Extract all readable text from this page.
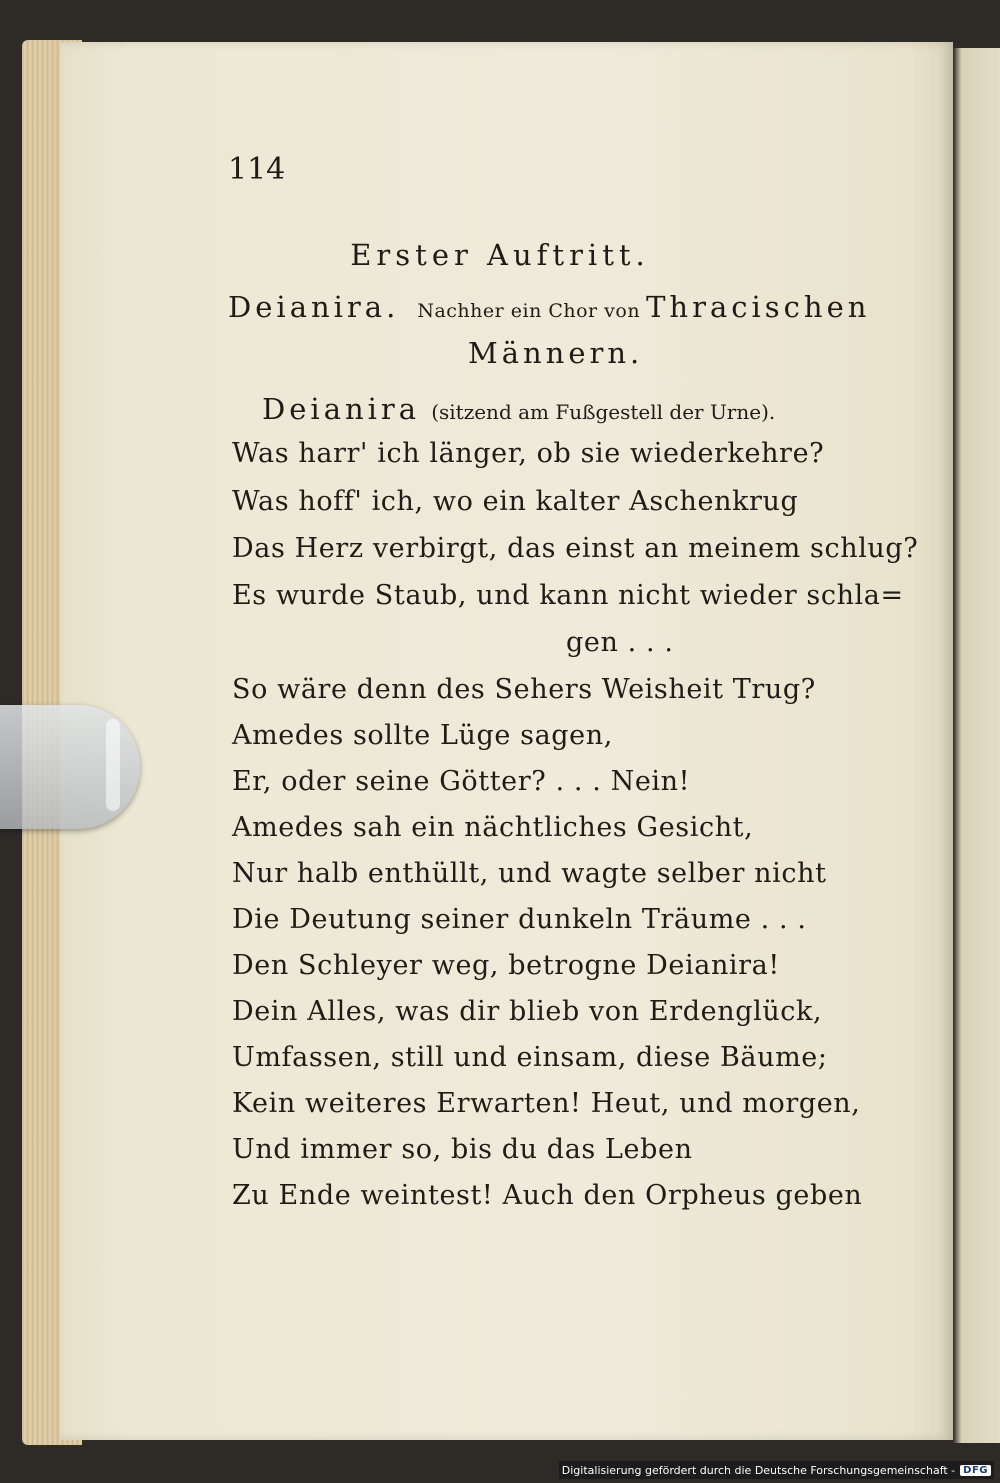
114
Erster Auftritt.
Deianira. Nachher ein Chor von Thracischen
Männern.
Deianira (sitzend am Fußgestell der Urne).
Was harr' ich länger, ob sie wiederkehre?
Was hoff' ich, wo ein kalter Aschenkrug
Das Herz verbirgt, das einst an meinem schlug?
Es wurde Staub, und kann nicht wieder schla=
gen . . .
So wäre denn des Sehers Weisheit Trug?
Amedes sollte Lüge sagen,
Er, oder seine Götter? . . . Nein!
Amedes sah ein nächtliches Gesicht,
Nur halb enthüllt, und wagte selber nicht
Die Deutung seiner dunkeln Träume . . .
Den Schleyer weg, betrogne Deianira!
Dein Alles, was dir blieb von Erdenglück,
Umfassen, still und einsam, diese Bäume;
Kein weiteres Erwarten! Heut, und morgen,
Und immer so, bis du das Leben
Zu Ende weintest! Auch den Orpheus geben
Digitalisierung gefördert durch die Deutsche Forschungsgemeinschaft - DFG
